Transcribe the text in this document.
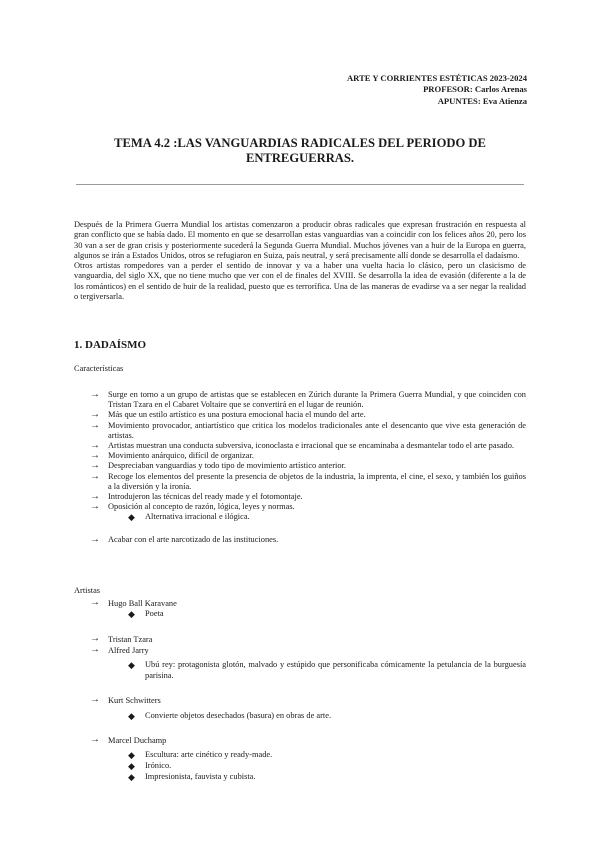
ARTE Y CORRIENTES ESTÉTICAS 2023-2024
PROFESOR: Carlos Arenas
APUNTES: Eva Atienza
TEMA 4.2 :LAS VANGUARDIAS RADICALES DEL PERIODO DE ENTREGUERRAS.

Después de la Primera Guerra Mundial los artistas comenzaron a producir obras radicales que expresan frustración en respuesta al gran conflicto que se había dado. El momento en que se desarrollan estas vanguardias van a coincidir con los felices años 20, pero los 30 van a ser de gran crisis y posteriormente sucederá la Segunda Guerra Mundial. Muchos jóvenes van a huir de la Europa en guerra, algunos se irán a Estados Unidos, otros se refugiaron en Suiza, país neutral, y será precisamente allí donde se desarrolla el dadaísmo.

Otros artistas rompedores van a perder el sentido de innovar y va a haber una vuelta hacia lo clásico, pero un clasicismo de vanguardia, del siglo XX, que no tiene mucho que ver con el de finales del XVIII. Se desarrolla la idea de evasión (diferente a la de los románticos) en el sentido de huir de la realidad, puesto que es terrorífica. Una de las maneras de evadirse va a ser negar la realidad o tergiversarla.

1. DADAÍSMO
Características
→ Surge en torno a un grupo de artistas que se establecen en Zúrich durante la Primera Guerra Mundial, y que coinciden con Tristan Tzara en el Cabaret Voltaire que se convertirá en el lugar de reunión.
→ Más que un estilo artístico es una postura emocional hacia el mundo del arte.
→ Movimiento provocador, antiartístico que critica los modelos tradicionales ante el desencanto que vive esta generación de artistas.
→ Artistas muestran una conducta subversiva, iconoclasta e irracional que se encaminaba a desmantelar todo el arte pasado.
→ Movimiento anárquico, difícil de organizar.
→ Despreciaban vanguardias y todo tipo de movimiento artístico anterior.
→ Recoge los elementos del presente la presencia de objetos de la industria, la imprenta, el cine, el sexo, y también los guiños a la diversión y la ironía.
→ Introdujeron las técnicas del ready made y el fotomontaje.
→ Oposición al concepto de razón, lógica, leyes y normas.
◆ Alternativa irracional e ilógica.
→ Acabar con el arte narcotizado de las instituciones.
Artistas
→ Hugo Ball Karavane
◆ Poeta
→ Tristan Tzara
→ Alfred Jarry
◆ Ubú rey: protagonista glotón, malvado y estúpido que personificaba cómicamente la petulancia de la burguesía parisina.
→ Kurt Schwitters
◆ Convierte objetos desechados (basura) en obras de arte.
→ Marcel Duchamp
◆ Escultura: arte cinético y ready-made.
◆ Irónico.
◆ Impresionista, fauvista y cubista.
